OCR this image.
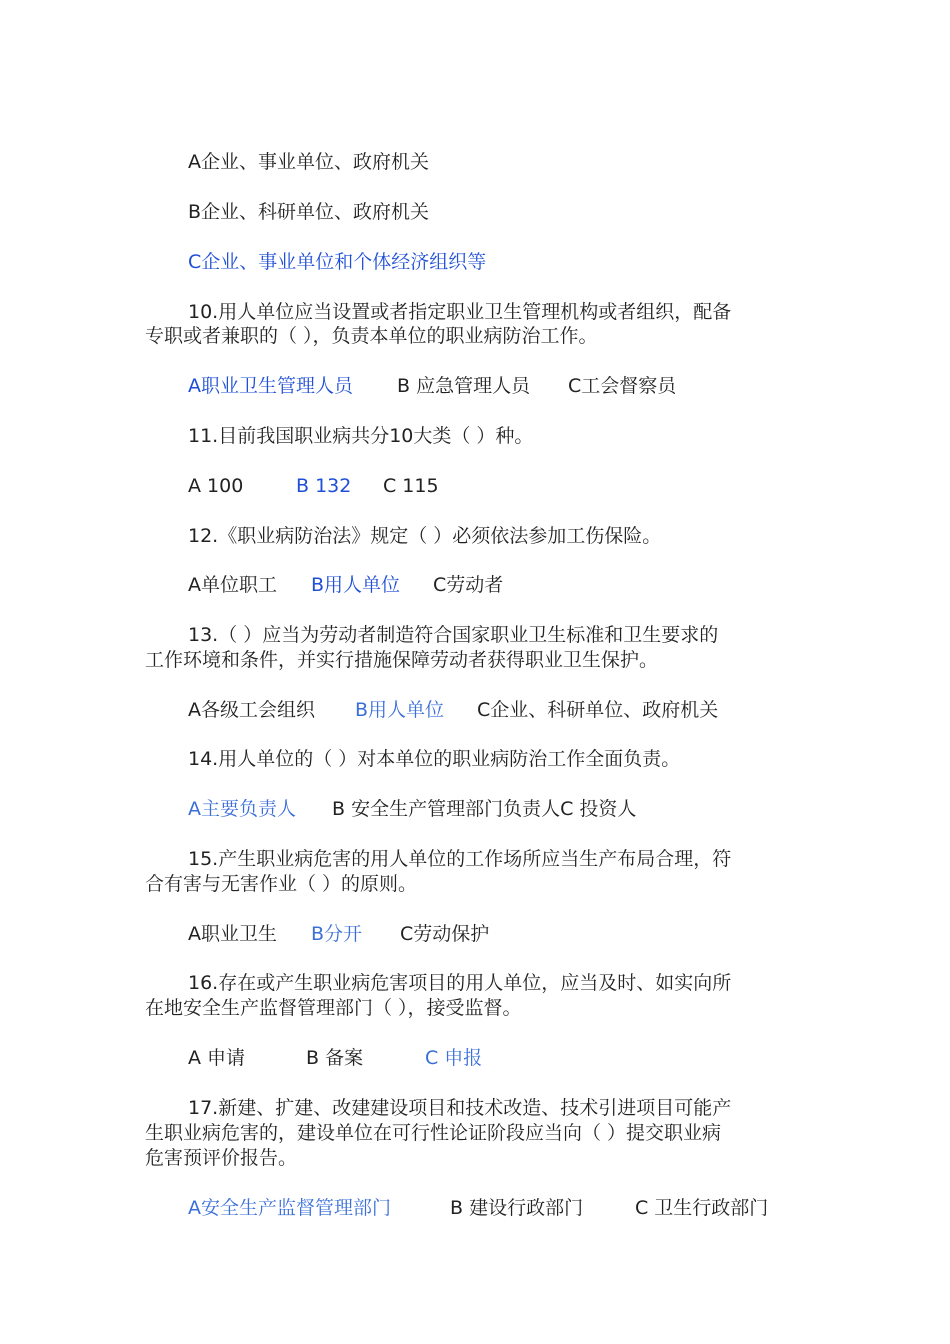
A企业、事业单位、政府机关
B企业、科研单位、政府机关
C企业、事业单位和个体经济组织等
10.用人单位应当设置或者指定职业卫生管理机构或者组织，配备
专职或者兼职的（ ），负责本单位的职业病防治工作。
A职业卫生管理人员 B 应急管理人员 C工会督察员
11.目前我国职业病共分10大类（ ）种。
A 100	B 132 C 115
12.《职业病防治法》规定（ ）必须依法参加工伤保险。
A单位职工 B用人单位 C劳动者
13.（ ）应当为劳动者制造符合国家职业卫生标准和卫生要求的
工作环境和条件，并实行措施保障劳动者获得职业卫生保护。
A各级工会组织 B用人单位 C企业、科研单位、政府机关
14.用人单位的（ ）对本单位的职业病防治工作全面负责。
A主要负责人 B 安全生产管理部门负责人C 投资人
15.产生职业病危害的用人单位的工作场所应当生产布局合理，符
合有害与无害作业（ ）的原则。
A职业卫生 B分开 C劳动保护
16.存在或产生职业病危害项目的用人单位，应当及时、如实向所
在地安全生产监督管理部门（ ），接受监督。
A 申请	B 备案	C 申报
17.新建、扩建、改建建设项目和技术改造、技术引进项目可能产
生职业病危害的，建设单位在可行性论证阶段应当向（ ）提交职业病
危害预评价报告。
A安全生产监督管理部门	B 建设行政部门	C 卫生行政部门
